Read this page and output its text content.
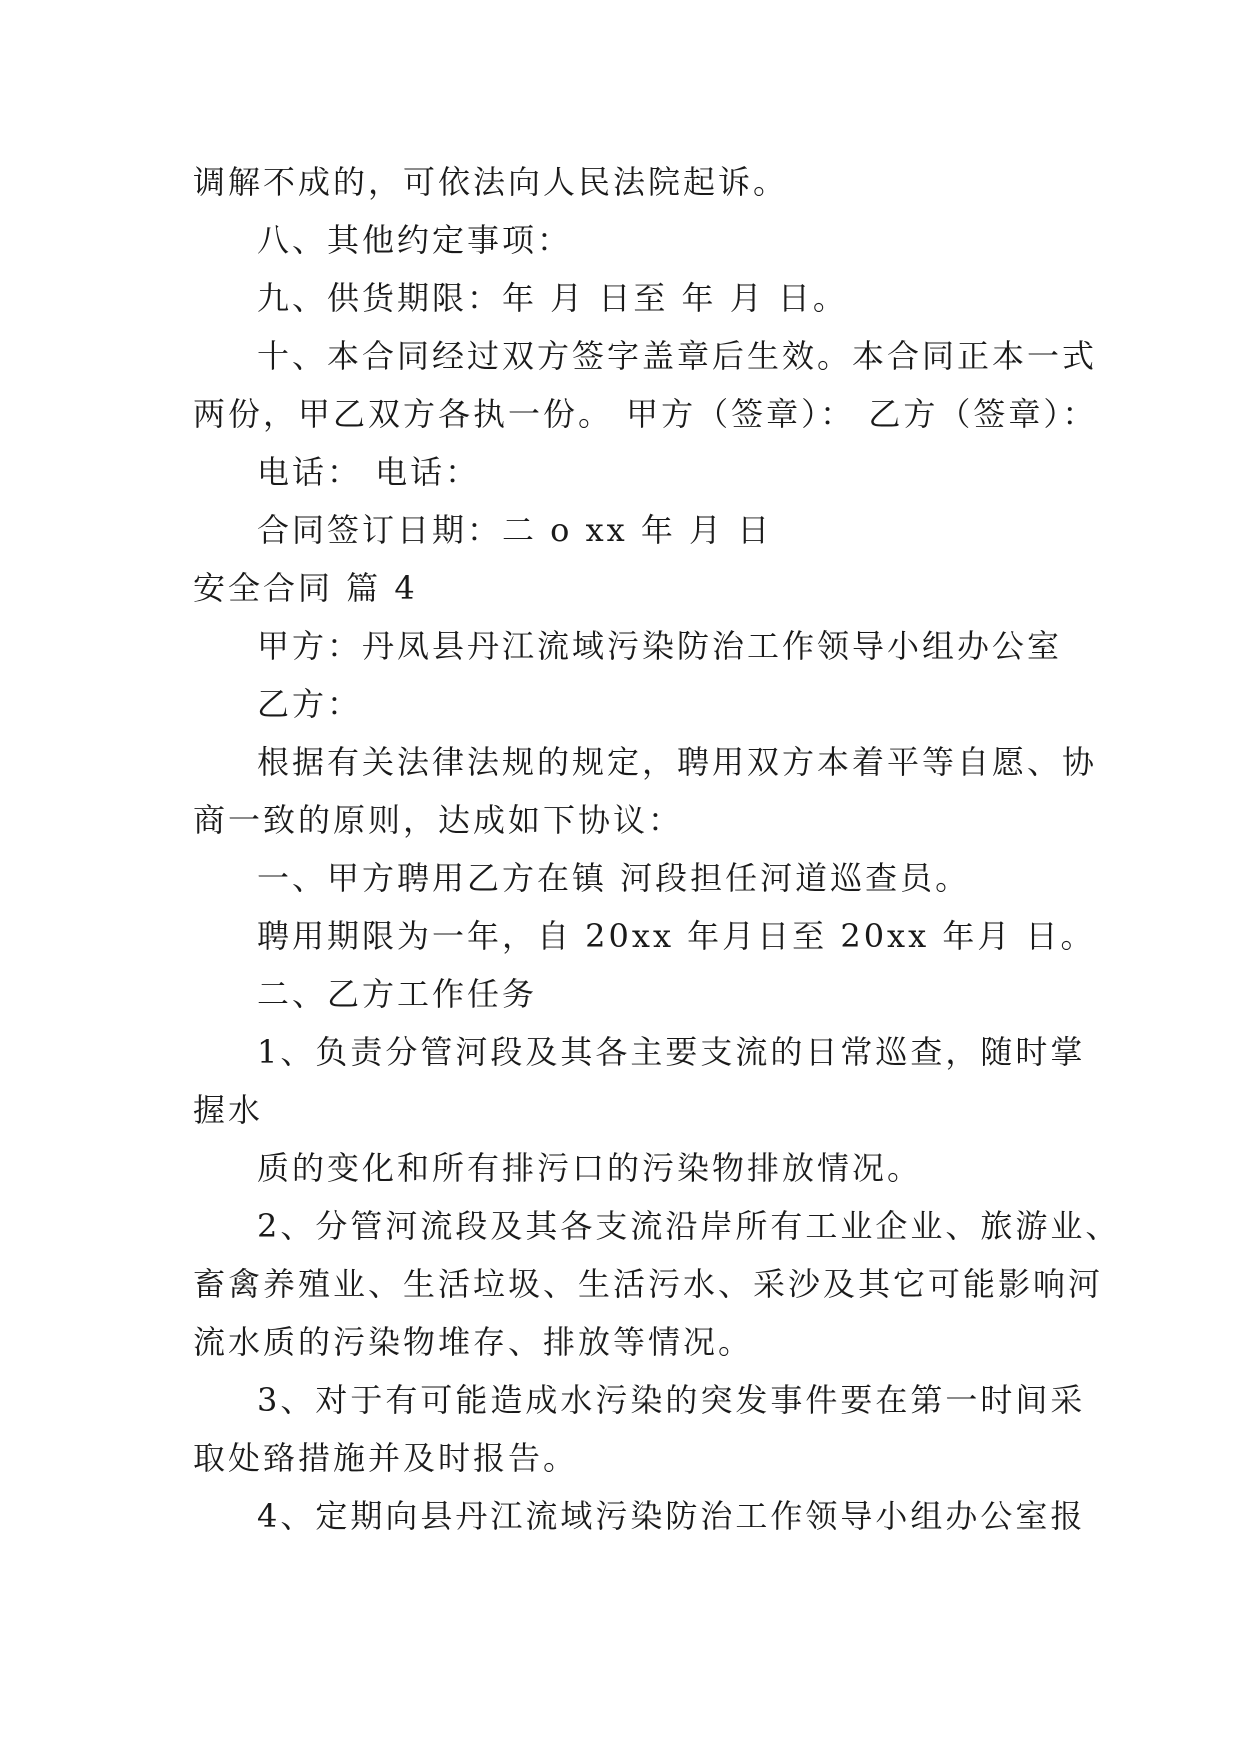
调解不成的，可依法向人民法院起诉。

八、其他约定事项：

九、供货期限：年 月 日至 年 月 日。

十、本合同经过双方签字盖章后生效。本合同正本一式

两份，甲乙双方各执一份。 甲方（签章）： 乙方（签章）：

电话： 电话：

合同签订日期：二 o xx 年 月 日

安全合同 篇 4

甲方：丹凤县丹江流域污染防治工作领导小组办公室

乙方：

根据有关法律法规的规定，聘用双方本着平等自愿、协

商一致的原则，达成如下协议：

一、甲方聘用乙方在镇 河段担任河道巡查员。

聘用期限为一年，自 20xx 年月日至 20xx 年月 日。

二、乙方工作任务

1、负责分管河段及其各主要支流的日常巡查，随时掌

握水

质的变化和所有排污口的污染物排放情况。

2、分管河流段及其各支流沿岸所有工业企业、旅游业、

畜禽养殖业、生活垃圾、生活污水、采沙及其它可能影响河

流水质的污染物堆存、排放等情况。

3、对于有可能造成水污染的突发事件要在第一时间采

取处臵措施并及时报告。

4、定期向县丹江流域污染防治工作领导小组办公室报
